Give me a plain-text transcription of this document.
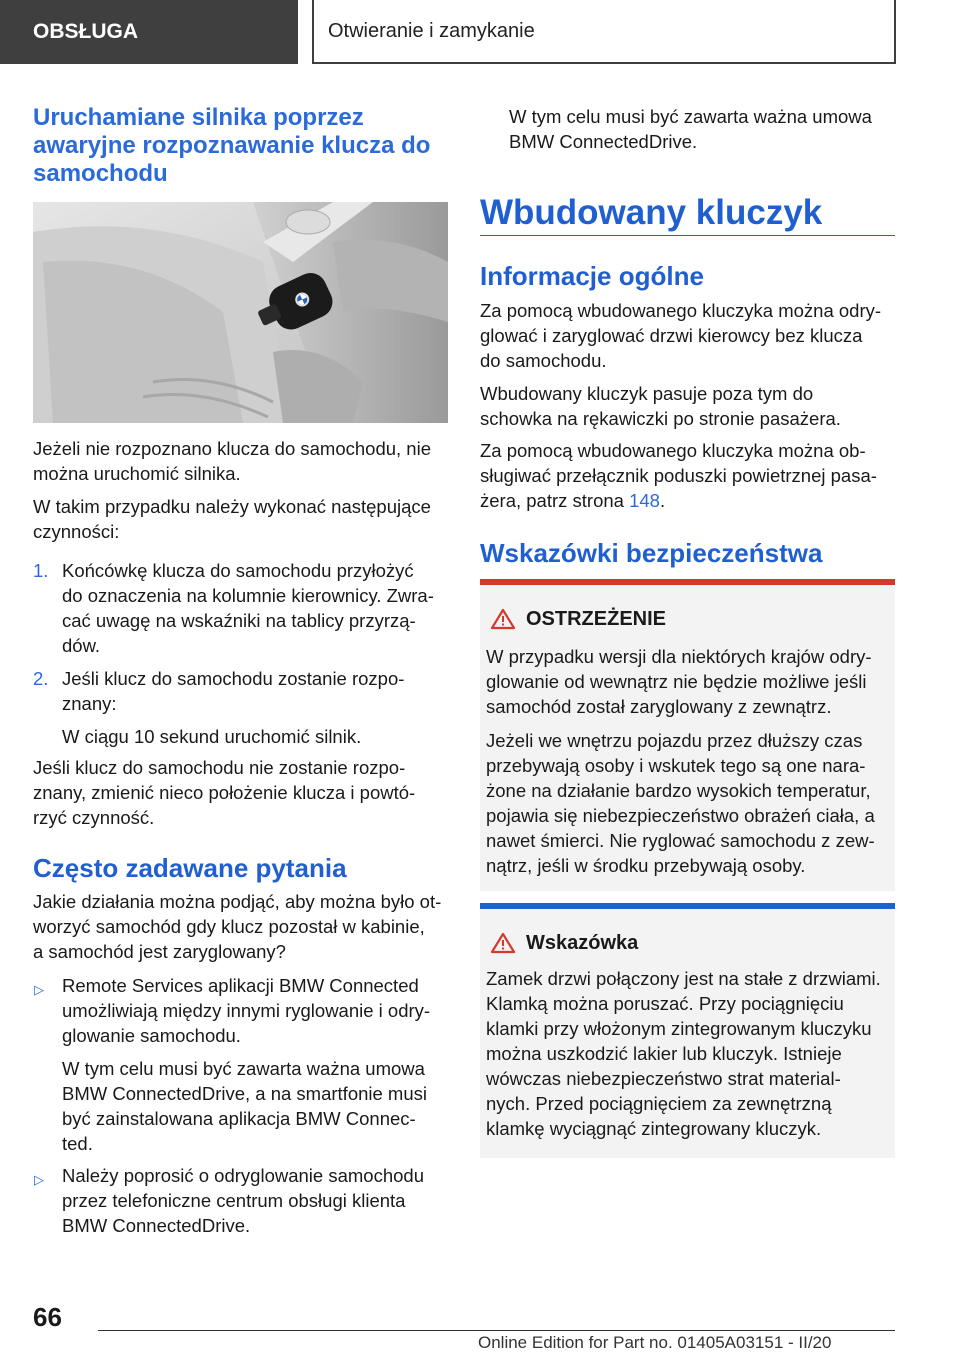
OBSŁUGA	Otwieranie i zamykanie
Uruchamiane silnika poprzez
awaryjne rozpoznawanie klucza do
samochodu
Jeżeli nie rozpoznano klucza do samochodu, nie
można uruchomić silnika.
W takim przypadku należy wykonać następujące
czynności:
1. Końcówkę klucza do samochodu przyłożyć
do oznaczenia na kolumnie kierownicy. Zwra-
cać uwagę na wskaźniki na tablicy przyrzą-
dów.
2. Jeśli klucz do samochodu zostanie rozpo-
znany:
W ciągu 10 sekund uruchomić silnik.
Jeśli klucz do samochodu nie zostanie rozpo-
znany, zmienić nieco położenie klucza i powtó-
rzyć czynność.
Często zadawane pytania
Jakie działania można podjąć, aby można było ot-
worzyć samochód gdy klucz pozostał w kabinie,
a samochód jest zaryglowany?
▷ Remote Services aplikacji BMW Connected
umożliwiają między innymi ryglowanie i odry-
glowanie samochodu.
W tym celu musi być zawarta ważna umowa
BMW ConnectedDrive, a na smartfonie musi
być zainstalowana aplikacja BMW Connec-
ted.
▷ Należy poprosić o odryglowanie samochodu
przez telefoniczne centrum obsługi klienta
BMW ConnectedDrive.
W tym celu musi być zawarta ważna umowa
BMW ConnectedDrive.
Wbudowany kluczyk
Informacje ogólne
Za pomocą wbudowanego kluczyka można odry-
glować i zaryglować drzwi kierowcy bez klucza
do samochodu.
Wbudowany kluczyk pasuje poza tym do
schowka na rękawiczki po stronie pasażera.
Za pomocą wbudowanego kluczyka można ob-
sługiwać przełącznik poduszki powietrznej pasa-
żera, patrz strona 148.
Wskazówki bezpieczeństwa
OSTRZEŻENIE
W przypadku wersji dla niektórych krajów odry-
glowanie od wewnątrz nie będzie możliwe jeśli
samochód został zaryglowany z zewnątrz.
Jeżeli we wnętrzu pojazdu przez dłuższy czas
przebywają osoby i wskutek tego są one nara-
żone na działanie bardzo wysokich temperatur,
pojawia się niebezpieczeństwo obrażeń ciała, a
nawet śmierci. Nie ryglować samochodu z zew-
nątrz, jeśli w środku przebywają osoby.
Wskazówka
Zamek drzwi połączony jest na stałe z drzwiami.
Klamką można poruszać. Przy pociągnięciu
klamki przy włożonym zintegrowanym kluczyku
można uszkodzić lakier lub kluczyk. Istnieje
wówczas niebezpieczeństwo strat material-
nych. Przed pociągnięciem za zewnętrzną
klamkę wyciągnąć zintegrowany kluczyk.
66
Online Edition for Part no. 01405A03151 - II/20
